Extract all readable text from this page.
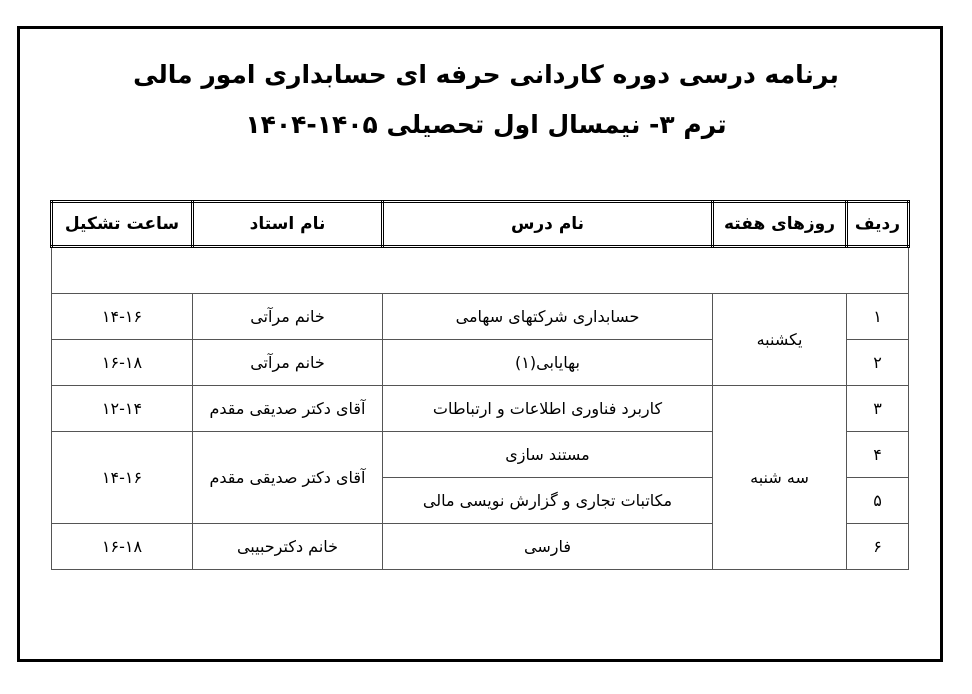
برنامه درسی دوره کاردانی حرفه ای حسابداری امور مالی
ترم ۳- نیمسال اول تحصیلی ۱۴۰۵-۱۴۰۴
ردیف	روزهای هفته	نام درس	نام استاد	ساعت تشکیل

۱	یکشنبه	حسابداری شرکتهای سهامی	خانم مرآتی	۱۴-۱۶
۲		بهایابی(۱)	خانم مرآتی	۱۶-۱۸
۳	سه شنبه	کاربرد فناوری اطلاعات و ارتباطات	آقای دکتر صدیقی مقدم	۱۲-۱۴
۴		مستند سازی	آقای دکتر صدیقی مقدم	۱۴-۱۶
۵		مکاتبات تجاری و گزارش نویسی مالی		
۶		فارسی	خانم دکترحبیبی	۱۶-۱۸
